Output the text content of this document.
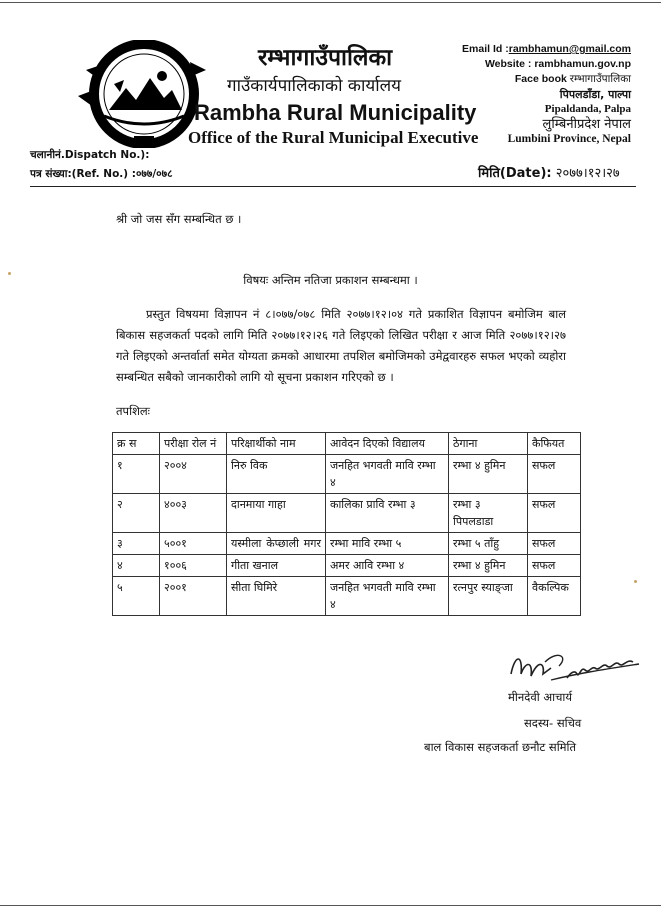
रम्भागाउँपालिका
गाउँकार्यपालिकाको कार्यालय
Rambha Rural Municipality
Office of the Rural Municipal Executive
Email Id :rambhamun@gmail.com
Website : rambhamun.gov.np
Face book रम्भागाउँपालिका
पिपलडाँडा, पाल्पा
Pipaldanda, Palpa
लुम्बिनीप्रदेश नेपाल
Lumbini Province, Nepal
चलानीनं.Dispatch No.):
पत्र संख्या:(Ref. No.) :०७७/०७८	मिति(Date): २०७७।१२।२७
श्री जो जस सँग सम्बन्धित छ ।
विषयः अन्तिम नतिजा प्रकाशन सम्बन्धमा ।
प्रस्तुत विषयमा विज्ञापन नं ८।०७७/०७८ मिति २०७७।१२।०४ गते प्रकाशित विज्ञापन बमोजिम बाल बिकास सहजकर्ता पदको लागि मिति २०७७।१२।२६ गते लिइएको लिखित परीक्षा र आज मिति २०७७।१२।२७ गते लिइएको अन्तर्वार्ता समेत योग्यता क्रमको आधारमा तपशिल बमोजिमको उमेद्ववारहरु सफल भएको व्यहोरा सम्बन्धित सबैको जानकारीको लागि यो सूचना प्रकाशन गरिएको छ ।
तपशिलः
क्र स	परीक्षा रोल नं	परिक्षार्थीको नाम	आवेदन दिएको विद्यालय	ठेगाना	कैफियत
१	२००४	निरु विक	जनहित भगवती मावि रम्भा ४	रम्भा ४ हुमिन	सफल
२	४००३	दानमाया गाहा	कालिका प्रावि रम्भा ३	रम्भा ३ पिपलडाडा	सफल
३	५००१	यस्मीला केप्छाली मगर	रम्भा मावि रम्भा ५	रम्भा ५ ताँहु	सफल
४	१००६	गीता खनाल	अमर आवि रम्भा ४	रम्भा ४ हुमिन	सफल
५	२००१	सीता घिमिरे	जनहित भगवती मावि रम्भा ४	रत्नपुर स्याङ्जा	वैकल्पिक
मीनदेवी आचार्य
सदस्य- सचिव
बाल विकास सहजकर्ता छनौट समिति
